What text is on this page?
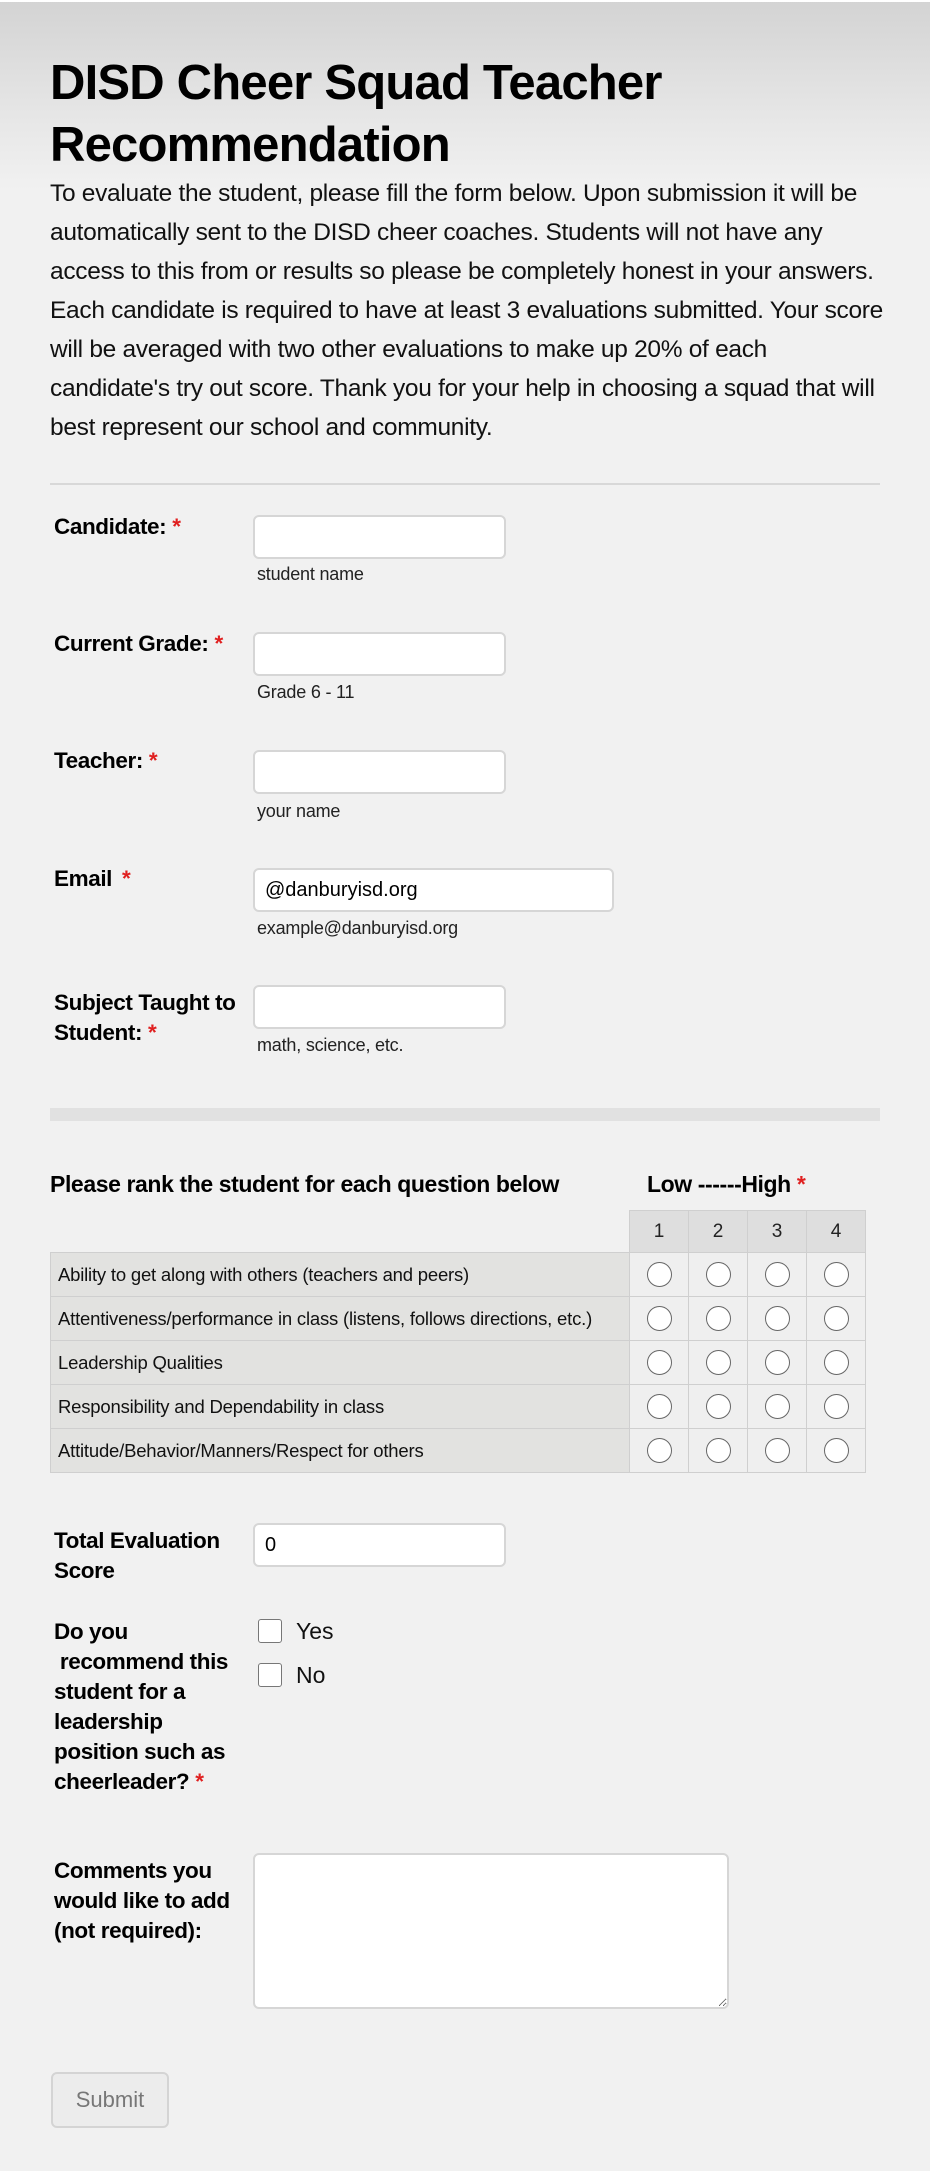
DISD Cheer Squad Teacher Recommendation

To evaluate the student, please fill the form below. Upon submission it will be automatically sent to the DISD cheer coaches. Students will not have any access to this from or results so please be completely honest in your answers. Each candidate is required to have at least 3 evaluations submitted. Your score will be averaged with two other evaluations to make up 20% of each candidate's try out score. Thank you for your help in choosing a squad that will best represent our school and community.

Candidate: *
student name
Current Grade: *
Grade 6 - 11
Teacher: *
your name
Email *
@danburyisd.org
example@danburyisd.org
Subject Taught to
Student: *	math, science, etc.
Please rank the student for each question below	Low ------High *
	1	2	3	4
Ability to get along with others (teachers and peers)				
Attentiveness/performance in class (listens, follows directions, etc.)				
Leadership Qualities				
Responsibility and Dependability in class				
Attitude/Behavior/Manners/Respect for others				
Total Evaluation
Score
0
Do you
recommend this
student for a
leadership
position such as
cheerleader? *
Yes
No
Comments you
would like to add
(not required):
Submit
